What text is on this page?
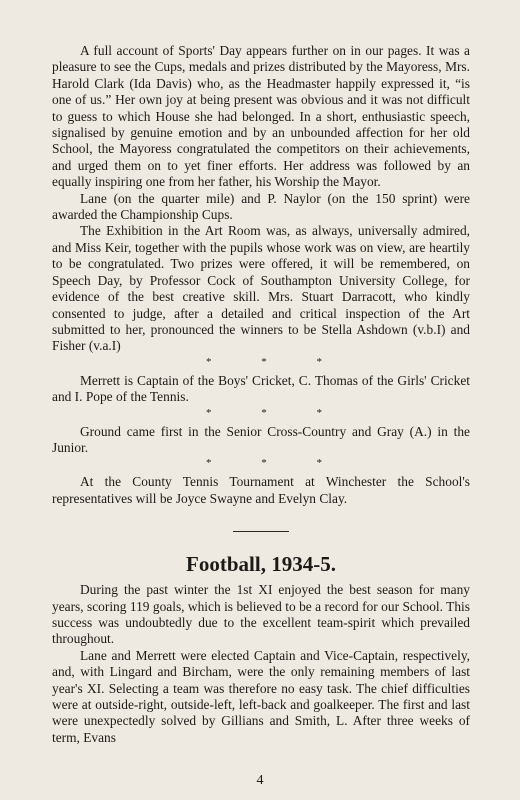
A full account of Sports' Day appears further on in our pages. It was a pleasure to see the Cups, medals and prizes distributed by the Mayoress, Mrs. Harold Clark (Ida Davis) who, as the Headmaster happily expressed it, “is one of us.” Her own joy at being present was obvious and it was not difficult to guess to which House she had belonged. In a short, enthusiastic speech, signalised by genuine emotion and by an unbounded affection for her old School, the Mayoress congratulated the competitors on their achievements, and urged them on to yet finer efforts. Her address was followed by an equally inspiring one from her father, his Worship the Mayor.

Lane (on the quarter mile) and P. Naylor (on the 150 sprint) were awarded the Championship Cups.

The Exhibition in the Art Room was, as always, universally admired, and Miss Keir, together with the pupils whose work was on view, are heartily to be congratulated. Two prizes were offered, it will be remembered, on Speech Day, by Professor Cock of Southampton University College, for evidence of the best creative skill. Mrs. Stuart Darracott, who kindly consented to judge, after a detailed and critical inspection of the Art submitted to her, pronounced the winners to be Stella Ashdown (v.b.I) and Fisher (v.a.I)

*	*	*

Merrett is Captain of the Boys' Cricket, C. Thomas of the Girls' Cricket and I. Pope of the Tennis.

*	*	*

Ground came first in the Senior Cross-Country and Gray (A.) in the Junior.

*	*	*

At the County Tennis Tournament at Winchester the School's representatives will be Joyce Swayne and Evelyn Clay.

Football, 1934-5.

During the past winter the 1st XI enjoyed the best season for many years, scoring 119 goals, which is believed to be a record for our School. This success was undoubtedly due to the excellent team-spirit which prevailed throughout.

Lane and Merrett were elected Captain and Vice-Captain, respectively, and, with Lingard and Bircham, were the only remaining members of last year's XI. Selecting a team was therefore no easy task. The chief difficulties were at outside-right, outside-left, left-back and goalkeeper. The first and last were unexpectedly solved by Gillians and Smith, L. After three weeks of term, Evans

4
